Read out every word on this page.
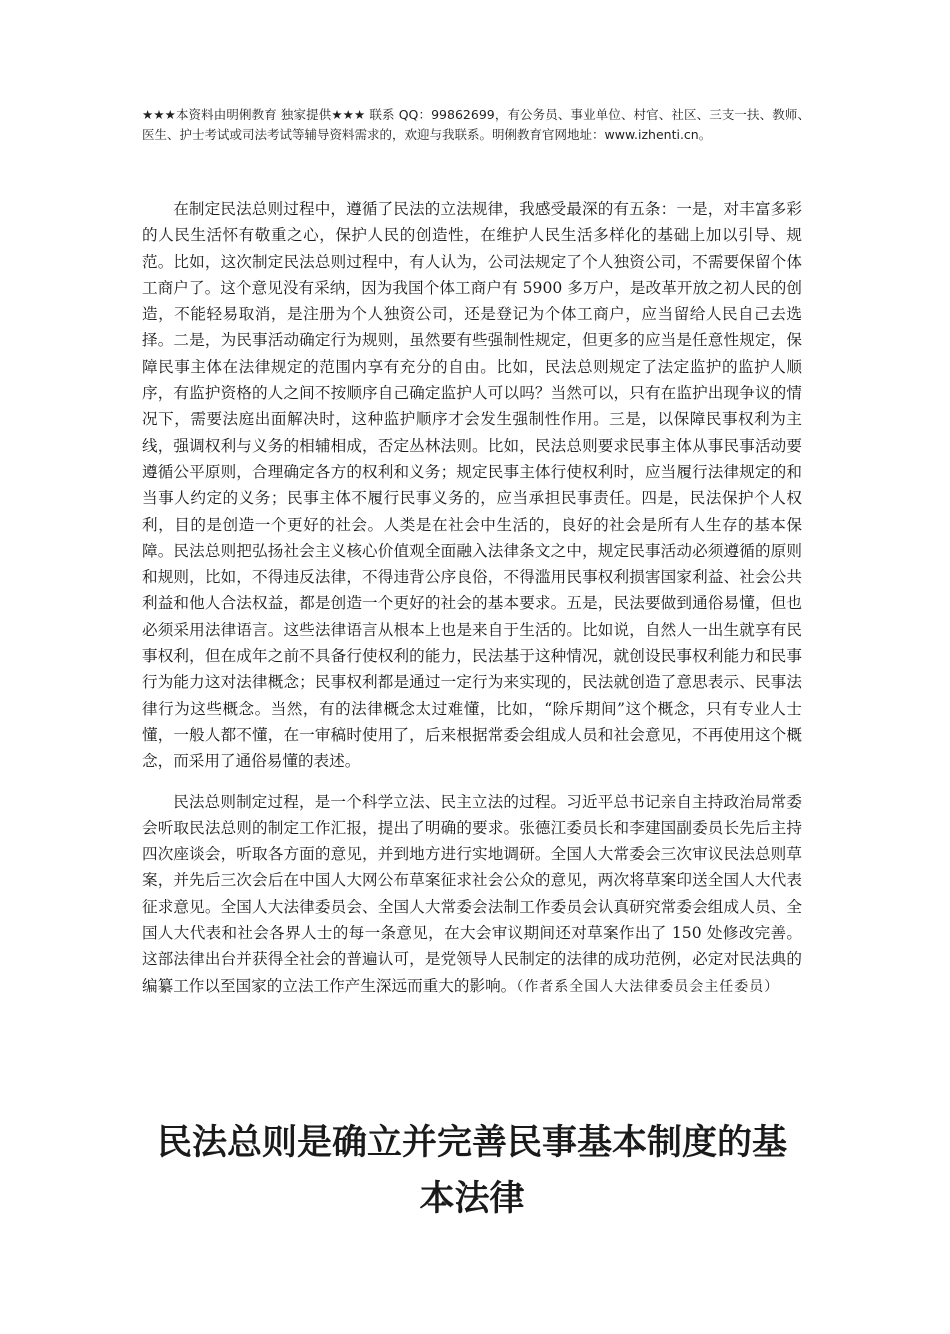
★★★本资料由明俐教育 独家提供★★★ 联系 QQ：99862699，有公务员、事业单位、村官、社区、三支一扶、教师、医生、护士考试或司法考试等辅导资料需求的，欢迎与我联系。明俐教育官网地址：www.izhenti.cn。

在制定民法总则过程中，遵循了民法的立法规律，我感受最深的有五条：一是，对丰富多彩的人民生活怀有敬重之心，保护人民的创造性，在维护人民生活多样化的基础上加以引导、规范。比如，这次制定民法总则过程中，有人认为，公司法规定了个人独资公司，不需要保留个体工商户了。这个意见没有采纳，因为我国个体工商户有 5900 多万户，是改革开放之初人民的创造，不能轻易取消，是注册为个人独资公司，还是登记为个体工商户，应当留给人民自己去选择。二是，为民事活动确定行为规则，虽然要有些强制性规定，但更多的应当是任意性规定，保障民事主体在法律规定的范围内享有充分的自由。比如，民法总则规定了法定监护的监护人顺序，有监护资格的人之间不按顺序自己确定监护人可以吗？当然可以，只有在监护出现争议的情况下，需要法庭出面解决时，这种监护顺序才会发生强制性作用。三是，以保障民事权利为主线，强调权利与义务的相辅相成，否定丛林法则。比如，民法总则要求民事主体从事民事活动要遵循公平原则，合理确定各方的权利和义务；规定民事主体行使权利时，应当履行法律规定的和当事人约定的义务；民事主体不履行民事义务的，应当承担民事责任。四是，民法保护个人权利，目的是创造一个更好的社会。人类是在社会中生活的，良好的社会是所有人生存的基本保障。民法总则把弘扬社会主义核心价值观全面融入法律条文之中，规定民事活动必须遵循的原则和规则，比如，不得违反法律，不得违背公序良俗，不得滥用民事权利损害国家利益、社会公共利益和他人合法权益，都是创造一个更好的社会的基本要求。五是，民法要做到通俗易懂，但也必须采用法律语言。这些法律语言从根本上也是来自于生活的。比如说，自然人一出生就享有民事权利，但在成年之前不具备行使权利的能力，民法基于这种情况，就创设民事权利能力和民事行为能力这对法律概念；民事权利都是通过一定行为来实现的，民法就创造了意思表示、民事法律行为这些概念。当然，有的法律概念太过难懂，比如，“除斥期间”这个概念，只有专业人士懂，一般人都不懂，在一审稿时使用了，后来根据常委会组成人员和社会意见，不再使用这个概念，而采用了通俗易懂的表述。

民法总则制定过程，是一个科学立法、民主立法的过程。习近平总书记亲自主持政治局常委会听取民法总则的制定工作汇报，提出了明确的要求。张德江委员长和李建国副委员长先后主持四次座谈会，听取各方面的意见，并到地方进行实地调研。全国人大常委会三次审议民法总则草案，并先后三次会后在中国人大网公布草案征求社会公众的意见，两次将草案印送全国人大代表征求意见。全国人大法律委员会、全国人大常委会法制工作委员会认真研究常委会组成人员、全国人大代表和社会各界人士的每一条意见，在大会审议期间还对草案作出了 150 处修改完善。这部法律出台并获得全社会的普遍认可，是党领导人民制定的法律的成功范例，必定对民法典的编纂工作以至国家的立法工作产生深远而重大的影响。（作者系全国人大法律委员会主任委员）

民法总则是确立并完善民事基本制度的基本法律
